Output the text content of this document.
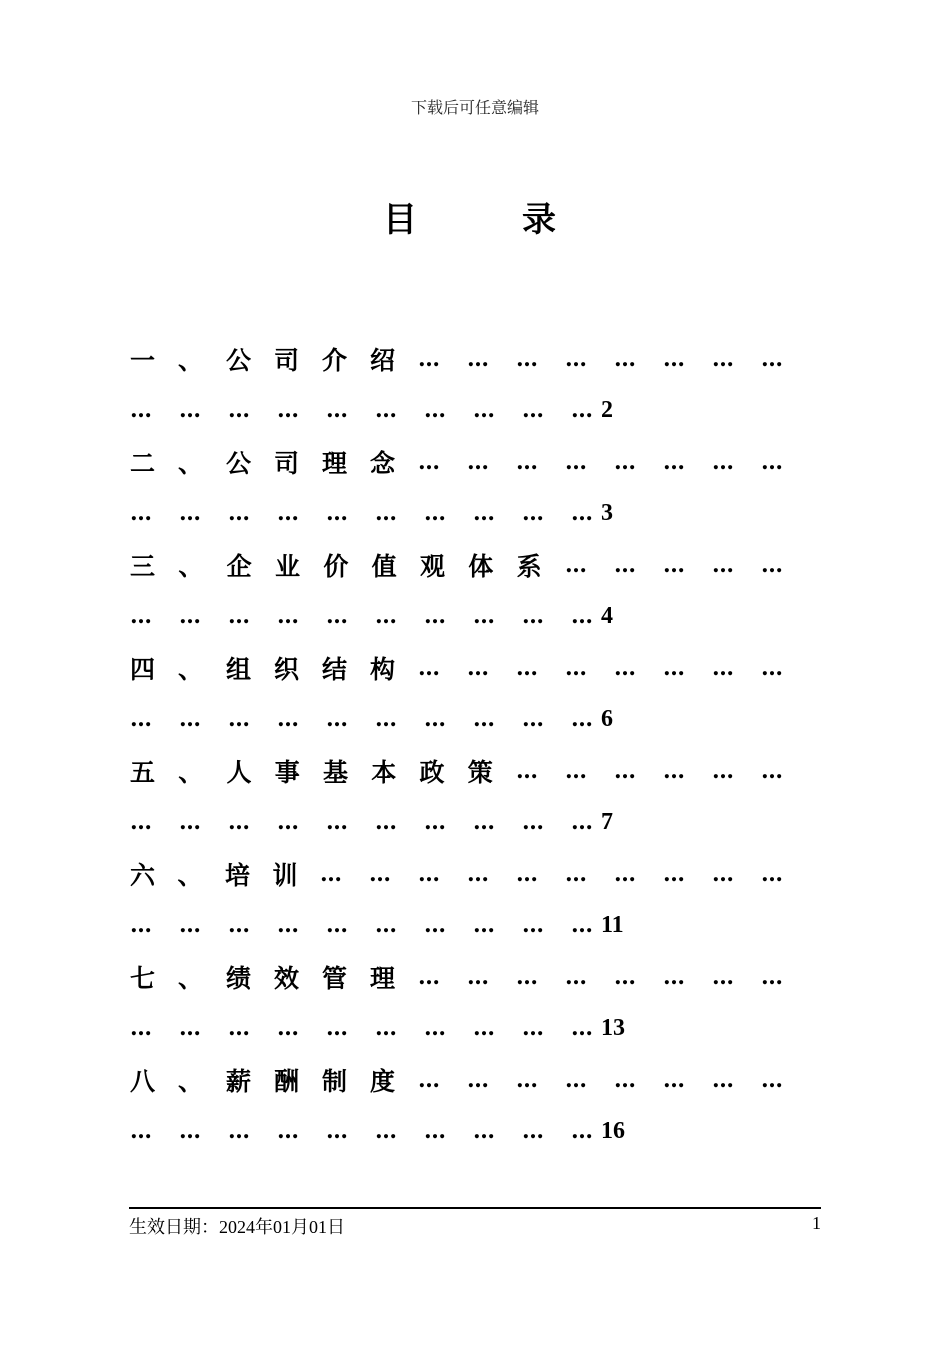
下载后可任意编辑
目	录
一 、 公 司 介 绍	… … … … … … … …
… … … … … … … … … … 2
二 、 公 司 理 念	… … … … … … … …
… … … … … … … … … … 3
三 、 企 业 价 值 观 体 系	… … … … …
… … … … … … … … … … 4
四 、 组 织 结 构	… … … … … … … …
… … … … … … … … … … 6
五 、 人 事 基 本 政 策	… … … … … …
… … … … … … … … … … 7
六 、 培 训	… … … … … … … … … …
… … … … … … … … … … 11
七 、 绩 效 管 理	… … … … … … … …
… … … … … … … … … … 13
八 、 薪 酬 制 度	… … … … … … … …
… … … … … … … … … … 16
生效日期：2024年01月01日	1
